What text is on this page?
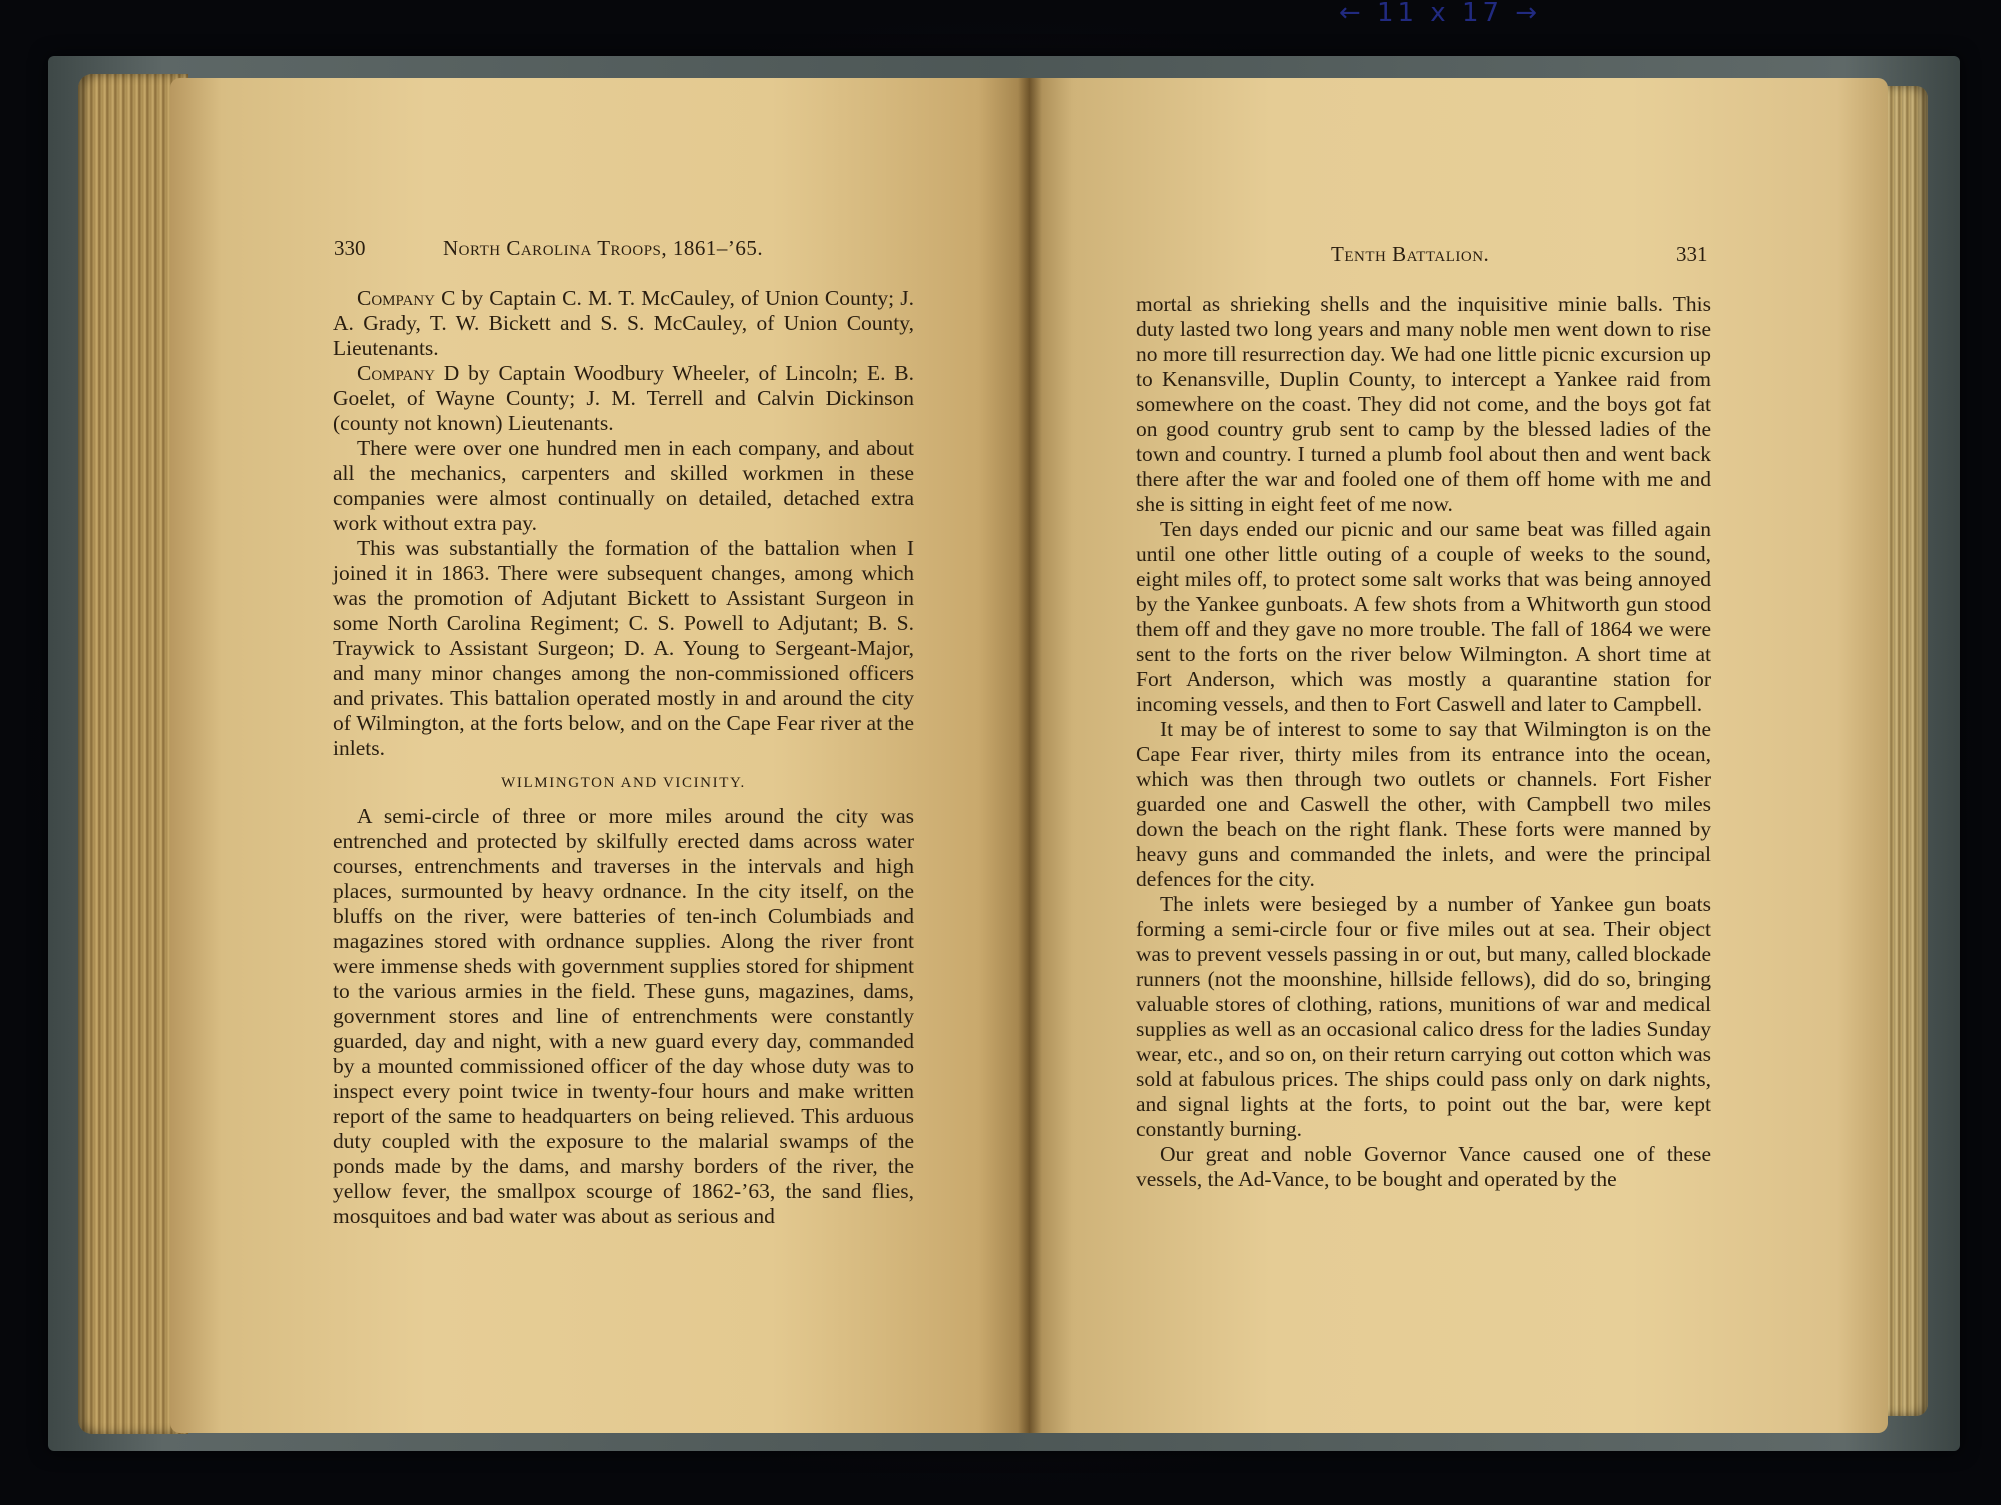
← 11 x 17 →
330	North Carolina Troops, 1861–’65.	Tenth Battalion.	331

Company C by Captain C. M. T. McCauley, of Union County; J. A. Grady, T. W. Bickett and S. S. McCauley, of Union County, Lieutenants.

Company D by Captain Woodbury Wheeler, of Lincoln; E. B. Goelet, of Wayne County; J. M. Terrell and Calvin Dickinson (county not known) Lieutenants.

There were over one hundred men in each company, and about all the mechanics, carpenters and skilled workmen in these companies were almost continually on detailed, detached extra work without extra pay.

This was substantially the formation of the battalion when I joined it in 1863. There were subsequent changes, among which was the promotion of Adjutant Bickett to Assistant Surgeon in some North Carolina Regiment; C. S. Powell to Adjutant; B. S. Traywick to Assistant Surgeon; D. A. Young to Sergeant-Major, and many minor changes among the non-commissioned officers and privates. This battalion operated mostly in and around the city of Wilmington, at the forts below, and on the Cape Fear river at the inlets.

WILMINGTON AND VICINITY.

A semi-circle of three or more miles around the city was entrenched and protected by skilfully erected dams across water courses, entrenchments and traverses in the intervals and high places, surmounted by heavy ordnance. In the city itself, on the bluffs on the river, were batteries of ten-inch Columbiads and magazines stored with ordnance supplies. Along the river front were immense sheds with government supplies stored for shipment to the various armies in the field. These guns, magazines, dams, government stores and line of entrenchments were constantly guarded, day and night, with a new guard every day, commanded by a mounted commissioned officer of the day whose duty was to inspect every point twice in twenty-four hours and make written report of the same to headquarters on being relieved. This arduous duty coupled with the exposure to the malarial swamps of the ponds made by the dams, and marshy borders of the river, the yellow fever, the smallpox scourge of 1862-’63, the sand flies, mosquitoes and bad water was about as serious and

mortal as shrieking shells and the inquisitive minie balls. This duty lasted two long years and many noble men went down to rise no more till resurrection day. We had one little picnic excursion up to Kenansville, Duplin County, to intercept a Yankee raid from somewhere on the coast. They did not come, and the boys got fat on good country grub sent to camp by the blessed ladies of the town and country. I turned a plumb fool about then and went back there after the war and fooled one of them off home with me and she is sitting in eight feet of me now.

Ten days ended our picnic and our same beat was filled again until one other little outing of a couple of weeks to the sound, eight miles off, to protect some salt works that was being annoyed by the Yankee gunboats. A few shots from a Whitworth gun stood them off and they gave no more trouble. The fall of 1864 we were sent to the forts on the river below Wilmington. A short time at Fort Anderson, which was mostly a quarantine station for incoming vessels, and then to Fort Caswell and later to Campbell.

It may be of interest to some to say that Wilmington is on the Cape Fear river, thirty miles from its entrance into the ocean, which was then through two outlets or channels. Fort Fisher guarded one and Caswell the other, with Campbell two miles down the beach on the right flank. These forts were manned by heavy guns and commanded the inlets, and were the principal defences for the city.

The inlets were besieged by a number of Yankee gun boats forming a semi-circle four or five miles out at sea. Their object was to prevent vessels passing in or out, but many, called blockade runners (not the moonshine, hillside fellows), did do so, bringing valuable stores of clothing, rations, munitions of war and medical supplies as well as an occasional calico dress for the ladies Sunday wear, etc., and so on, on their return carrying out cotton which was sold at fabulous prices. The ships could pass only on dark nights, and signal lights at the forts, to point out the bar, were kept constantly burning.

Our great and noble Governor Vance caused one of these vessels, the Ad-Vance, to be bought and operated by the
